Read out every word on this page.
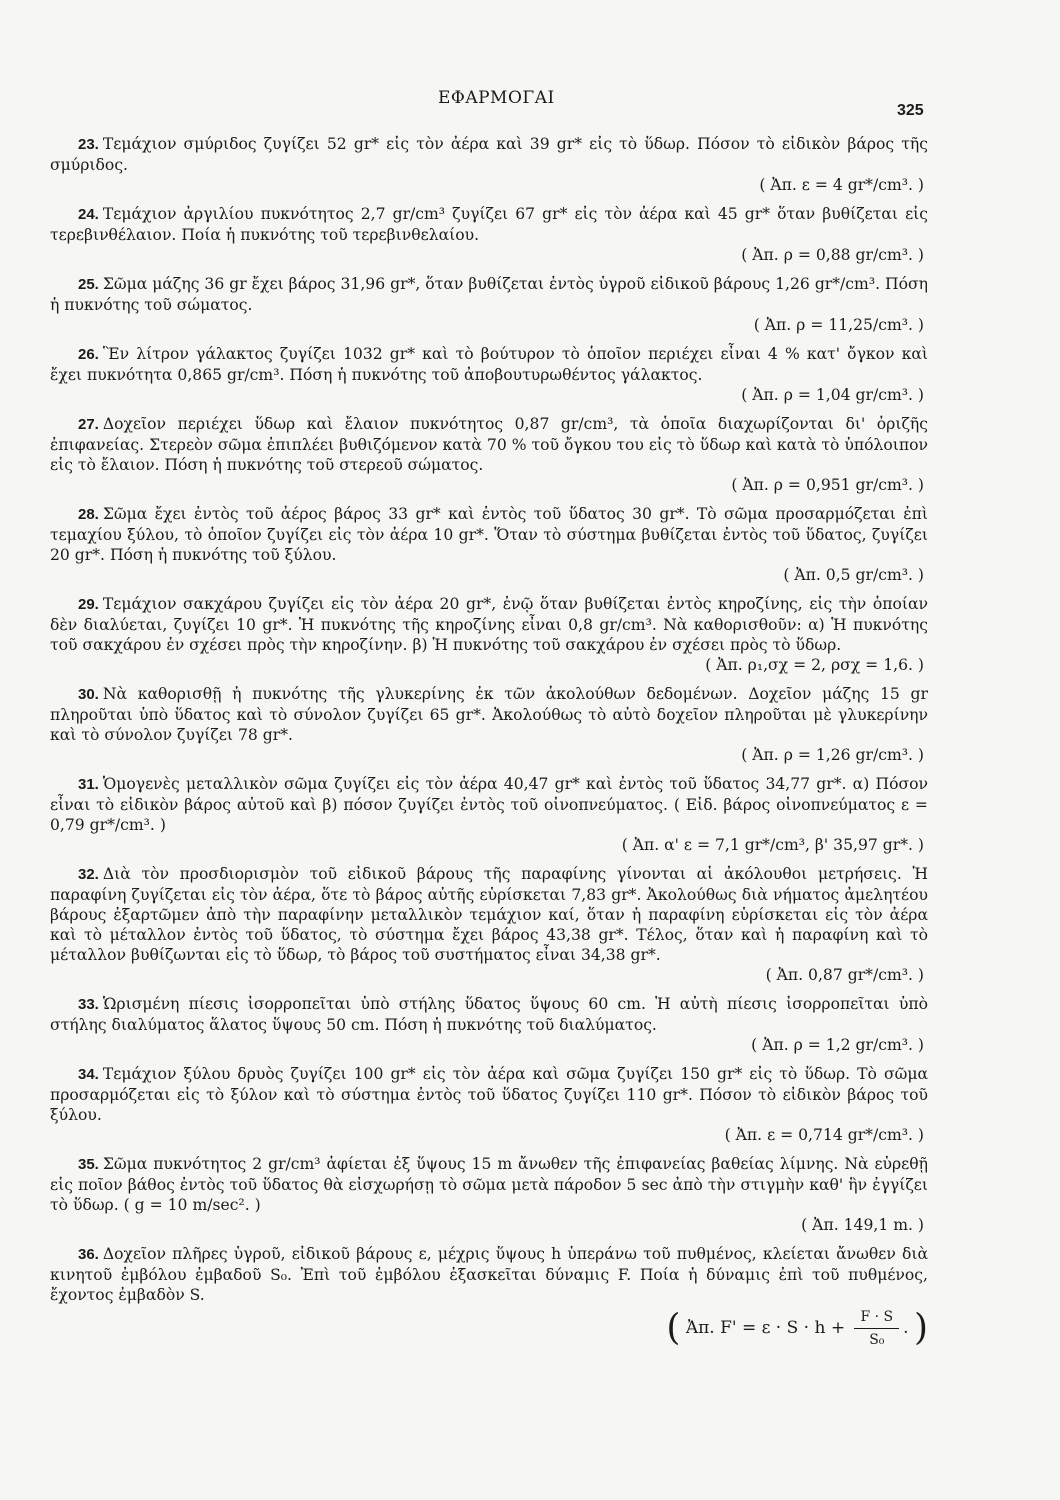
ΕΦΑΡΜΟΓΑΙ
325
23. Τεμάχιον σμύριδος ζυγίζει 52 gr* εἰς τὸν ἀέρα καὶ 39 gr* εἰς τὸ ὕδωρ. Πόσον τὸ εἰδικὸν βάρος τῆς σμύριδος.
( Ἀπ. ε = 4 gr*/cm³. )
24. Τεμάχιον ἀργιλίου πυκνότητος 2,7 gr/cm³ ζυγίζει 67 gr* εἰς τὸν ἀέρα καὶ 45 gr* ὅταν βυθίζεται εἰς τερεβινθέλαιον. Ποία ἡ πυκνότης τοῦ τερεβινθελαίου.
( Ἀπ. ρ = 0,88 gr/cm³. )
25. Σῶμα μάζης 36 gr ἔχει βάρος 31,96 gr*, ὅταν βυθίζεται ἐντὸς ὑγροῦ εἰδικοῦ βάρους 1,26 gr*/cm³. Πόση ἡ πυκνότης τοῦ σώματος.
( Ἀπ. ρ = 11,25/cm³. )
26. Ἓν λίτρον γάλακτος ζυγίζει 1032 gr* καὶ τὸ βούτυρον τὸ ὁποῖον περιέχει εἶναι 4 % κατ' ὄγκον καὶ ἔχει πυκνότητα 0,865 gr/cm³. Πόση ἡ πυκνότης τοῦ ἀποβουτυρωθέντος γάλακτος.
( Ἀπ. ρ = 1,04 gr/cm³. )
27. Δοχεῖον περιέχει ὕδωρ καὶ ἔλαιον πυκνότητος 0,87 gr/cm³, τὰ ὁποῖα διαχωρίζονται δι' ὁριζῆς ἐπιφανείας. Στερεὸν σῶμα ἐπιπλέει βυθιζόμενον κατὰ 70 % τοῦ ὄγκου του εἰς τὸ ὕδωρ καὶ κατὰ τὸ ὑπόλοιπον εἰς τὸ ἔλαιον. Πόση ἡ πυκνότης τοῦ στερεοῦ σώματος.
( Ἀπ. ρ = 0,951 gr/cm³. )
28. Σῶμα ἔχει ἐντὸς τοῦ ἀέρος βάρος 33 gr* καὶ ἐντὸς τοῦ ὕδατος 30 gr*. Τὸ σῶμα προσαρμόζεται ἐπὶ τεμαχίου ξύλου, τὸ ὁποῖον ζυγίζει εἰς τὸν ἀέρα 10 gr*. Ὅταν τὸ σύστημα βυθίζεται ἐντὸς τοῦ ὕδατος, ζυγίζει 20 gr*. Πόση ἡ πυκνότης τοῦ ξύλου.
( Ἀπ. 0,5 gr/cm³. )
29. Τεμάχιον σακχάρου ζυγίζει εἰς τὸν ἀέρα 20 gr*, ἐνῷ ὅταν βυθίζεται ἐντὸς κηροζίνης, εἰς τὴν ὁποίαν δὲν διαλύεται, ζυγίζει 10 gr*. Ἡ πυκνότης τῆς κηροζίνης εἶναι 0,8 gr/cm³. Νὰ καθορισθοῦν: α) Ἡ πυκνότης τοῦ σακχάρου ἐν σχέσει πρὸς τὴν κηροζίνην. β) Ἡ πυκνότης τοῦ σακχάρου ἐν σχέσει πρὸς τὸ ὕδωρ.
( Ἀπ. ρ₁,σχ = 2, ρσχ = 1,6. )
30. Νὰ καθορισθῇ ἡ πυκνότης τῆς γλυκερίνης ἐκ τῶν ἀκολούθων δεδομένων. Δοχεῖον μάζης 15 gr πληροῦται ὑπὸ ὕδατος καὶ τὸ σύνολον ζυγίζει 65 gr*. Ἀκολούθως τὸ αὐτὸ δοχεῖον πληροῦται μὲ γλυκερίνην καὶ τὸ σύνολον ζυγίζει 78 gr*.
( Ἀπ. ρ = 1,26 gr/cm³. )
31. Ὁμογενὲς μεταλλικὸν σῶμα ζυγίζει εἰς τὸν ἀέρα 40,47 gr* καὶ ἐντὸς τοῦ ὕδατος 34,77 gr*. α) Πόσον εἶναι τὸ εἰδικὸν βάρος αὐτοῦ καὶ β) πόσον ζυγίζει ἐντὸς τοῦ οἰνοπνεύματος. ( Εἰδ. βάρος οἰνοπνεύματος ε = 0,79 gr*/cm³. )
( Ἀπ. α' ε = 7,1 gr*/cm³, β' 35,97 gr*. )
32. Διὰ τὸν προσδιορισμὸν τοῦ εἰδικοῦ βάρους τῆς παραφίνης γίνονται αἱ ἀκόλουθοι μετρήσεις. Ἡ παραφίνη ζυγίζεται εἰς τὸν ἀέρα, ὅτε τὸ βάρος αὐτῆς εὑρίσκεται 7,83 gr*. Ἀκολούθως διὰ νήματος ἀμελητέου βάρους ἐξαρτῶμεν ἀπὸ τὴν παραφίνην μεταλλικὸν τεμάχιον καί, ὅταν ἡ παραφίνη εὑρίσκεται εἰς τὸν ἀέρα καὶ τὸ μέταλλον ἐντὸς τοῦ ὕδατος, τὸ σύστημα ἔχει βάρος 43,38 gr*. Τέλος, ὅταν καὶ ἡ παραφίνη καὶ τὸ μέταλλον βυθίζωνται εἰς τὸ ὕδωρ, τὸ βάρος τοῦ συστήματος εἶναι 34,38 gr*.
( Ἀπ. 0,87 gr*/cm³. )
33. Ὡρισμένη πίεσις ἰσορροπεῖται ὑπὸ στήλης ὕδατος ὕψους 60 cm. Ἡ αὐτὴ πίεσις ἰσορροπεῖται ὑπὸ στήλης διαλύματος ἅλατος ὕψους 50 cm. Πόση ἡ πυκνότης τοῦ διαλύματος.
( Ἀπ. ρ = 1,2 gr/cm³. )
34. Τεμάχιον ξύλου δρυὸς ζυγίζει 100 gr* εἰς τὸν ἀέρα καὶ σῶμα ζυγίζει 150 gr* εἰς τὸ ὕδωρ. Τὸ σῶμα προσαρμόζεται εἰς τὸ ξύλον καὶ τὸ σύστημα ἐντὸς τοῦ ὕδατος ζυγίζει 110 gr*. Πόσον τὸ εἰδικὸν βάρος τοῦ ξύλου.
( Ἀπ. ε = 0,714 gr*/cm³. )
35. Σῶμα πυκνότητος 2 gr/cm³ ἀφίεται ἐξ ὕψους 15 m ἄνωθεν τῆς ἐπιφανείας βαθείας λίμνης. Νὰ εὑρεθῇ εἰς ποῖον βάθος ἐντὸς τοῦ ὕδατος θὰ εἰσχωρήσῃ τὸ σῶμα μετὰ πάροδον 5 sec ἀπὸ τὴν στιγμὴν καθ' ἣν ἐγγίζει τὸ ὕδωρ. ( g = 10 m/sec². )
( Ἀπ. 149,1 m. )
36. Δοχεῖον πλῆρες ὑγροῦ, εἰδικοῦ βάρους ε, μέχρις ὕψους h ὑπεράνω τοῦ πυθμένος, κλείεται ἄνωθεν διὰ κινητοῦ ἐμβόλου ἐμβαδοῦ S₀. Ἐπὶ τοῦ ἐμβόλου ἐξασκεῖται δύναμις F. Ποία ἡ δύναμις ἐπὶ τοῦ πυθμένος, ἔχοντος ἐμβαδὸν S.
( Ἀπ. $F' = \varepsilon \cdot S \cdot h + \frac{F \cdot S}{\text{S₀}}$ . )
